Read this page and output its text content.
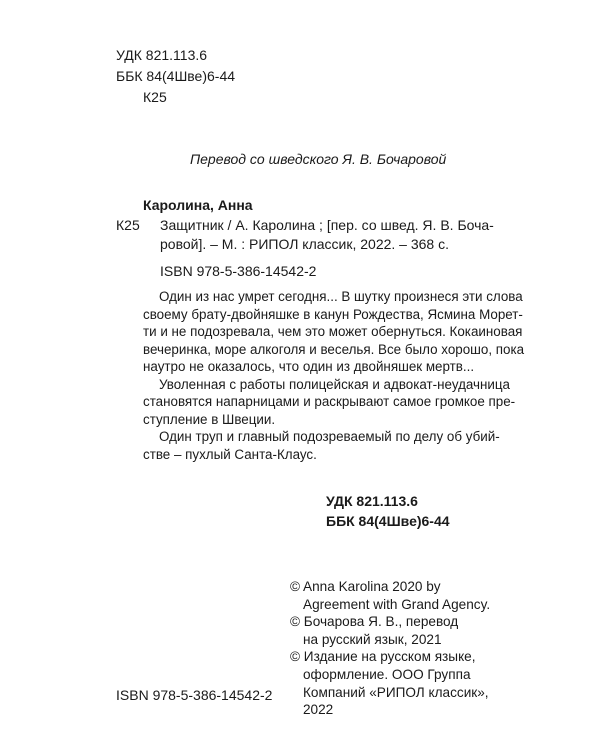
УДК 821.113.6
ББК 84(4Шве)6-44
К25
Перевод со шведского Я. В. Бочаровой
Каролина, Анна
К25 Защитник / А. Каролина ; [пер. со швед. Я. В. Боча-
ровой]. – М. : РИПОЛ классик, 2022. – 368 с.
ISBN 978-5-386-14542-2
Один из нас умрет сегодня... В шутку произнеся эти слова
своему брату-двойняшке в канун Рождества, Ясмина Морет-
ти и не подозревала, чем это может обернуться. Кокаиновая
вечеринка, море алкоголя и веселья. Все было хорошо, пока
наутро не оказалось, что один из двойняшек мертв...
Уволенная с работы полицейская и адвокат-неудачница
становятся напарницами и раскрывают самое громкое пре-
ступление в Швеции.
Один труп и главный подозреваемый по делу об убий-
стве – пухлый Санта-Клаус.
УДК 821.113.6
ББК 84(4Шве)6-44
© Anna Karolina 2020 by
Agreement with Grand Agency.
© Бочарова Я. В., перевод
на русский язык, 2021
© Издание на русском языке,
оформление. ООО Группа
Компаний «РИПОЛ классик»,
2022
ISBN 978-5-386-14542-2
